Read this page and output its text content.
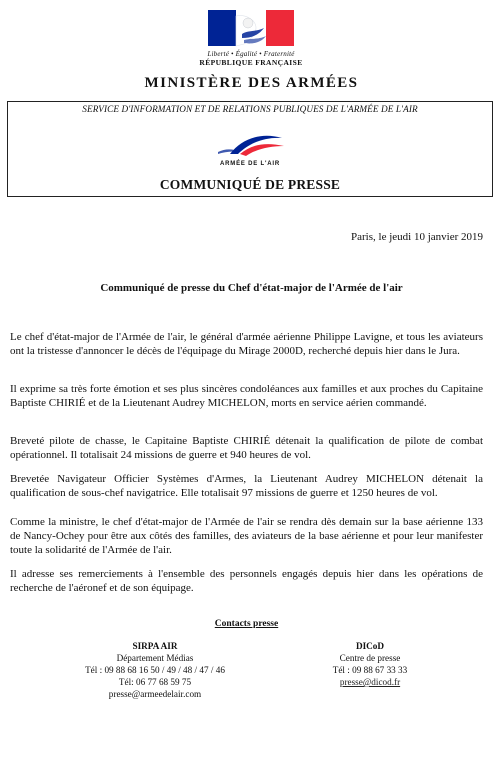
Liberté • Égalité • Fraternité
RÉPUBLIQUE FRANÇAISE
MINISTÈRE DES ARMÉES
SERVICE D'INFORMATION ET DE RELATIONS PUBLIQUES DE L'ARMÉE DE L'AIR
ARMÉE DE L'AIR
COMMUNIQUÉ DE PRESSE
Paris, le jeudi 10 janvier 2019
Communiqué de presse du Chef d'état-major de l'Armée de l'air
Le chef d'état-major de l'Armée de l'air, le général d'armée aérienne Philippe Lavigne, et tous les aviateurs ont la tristesse d'annoncer le décès de l'équipage du Mirage 2000D, recherché depuis hier dans le Jura.
Il exprime sa très forte émotion et ses plus sincères condoléances aux familles et aux proches du Capitaine Baptiste CHIRIÉ et de la Lieutenant Audrey MICHELON, morts en service aérien commandé.
Breveté pilote de chasse, le Capitaine Baptiste CHIRIÉ détenait la qualification de pilote de combat opérationnel. Il totalisait 24 missions de guerre et 940 heures de vol.
Brevetée Navigateur Officier Systèmes d'Armes, la Lieutenant Audrey MICHELON détenait la qualification de sous-chef navigatrice. Elle totalisait 97 missions de guerre et 1250 heures de vol.
Comme la ministre, le chef d'état-major de l'Armée de l'air se rendra dès demain sur la base aérienne 133 de Nancy-Ochey pour être aux côtés des familles, des aviateurs de la base aérienne et pour leur manifester toute la solidarité de l'Armée de l'air.
Il adresse ses remerciements à l'ensemble des personnels engagés depuis hier dans les opérations de recherche de l'aéronef et de son équipage.
Contacts presse
SIRPA AIR
Département Médias
Tél : 09 88 68 16 50 / 49 / 48 / 47 / 46
Tél: 06 77 68 59 75
presse@armeedelair.com
DICoD
Centre de presse
Tél : 09 88 67 33 33
presse@dicod.fr
